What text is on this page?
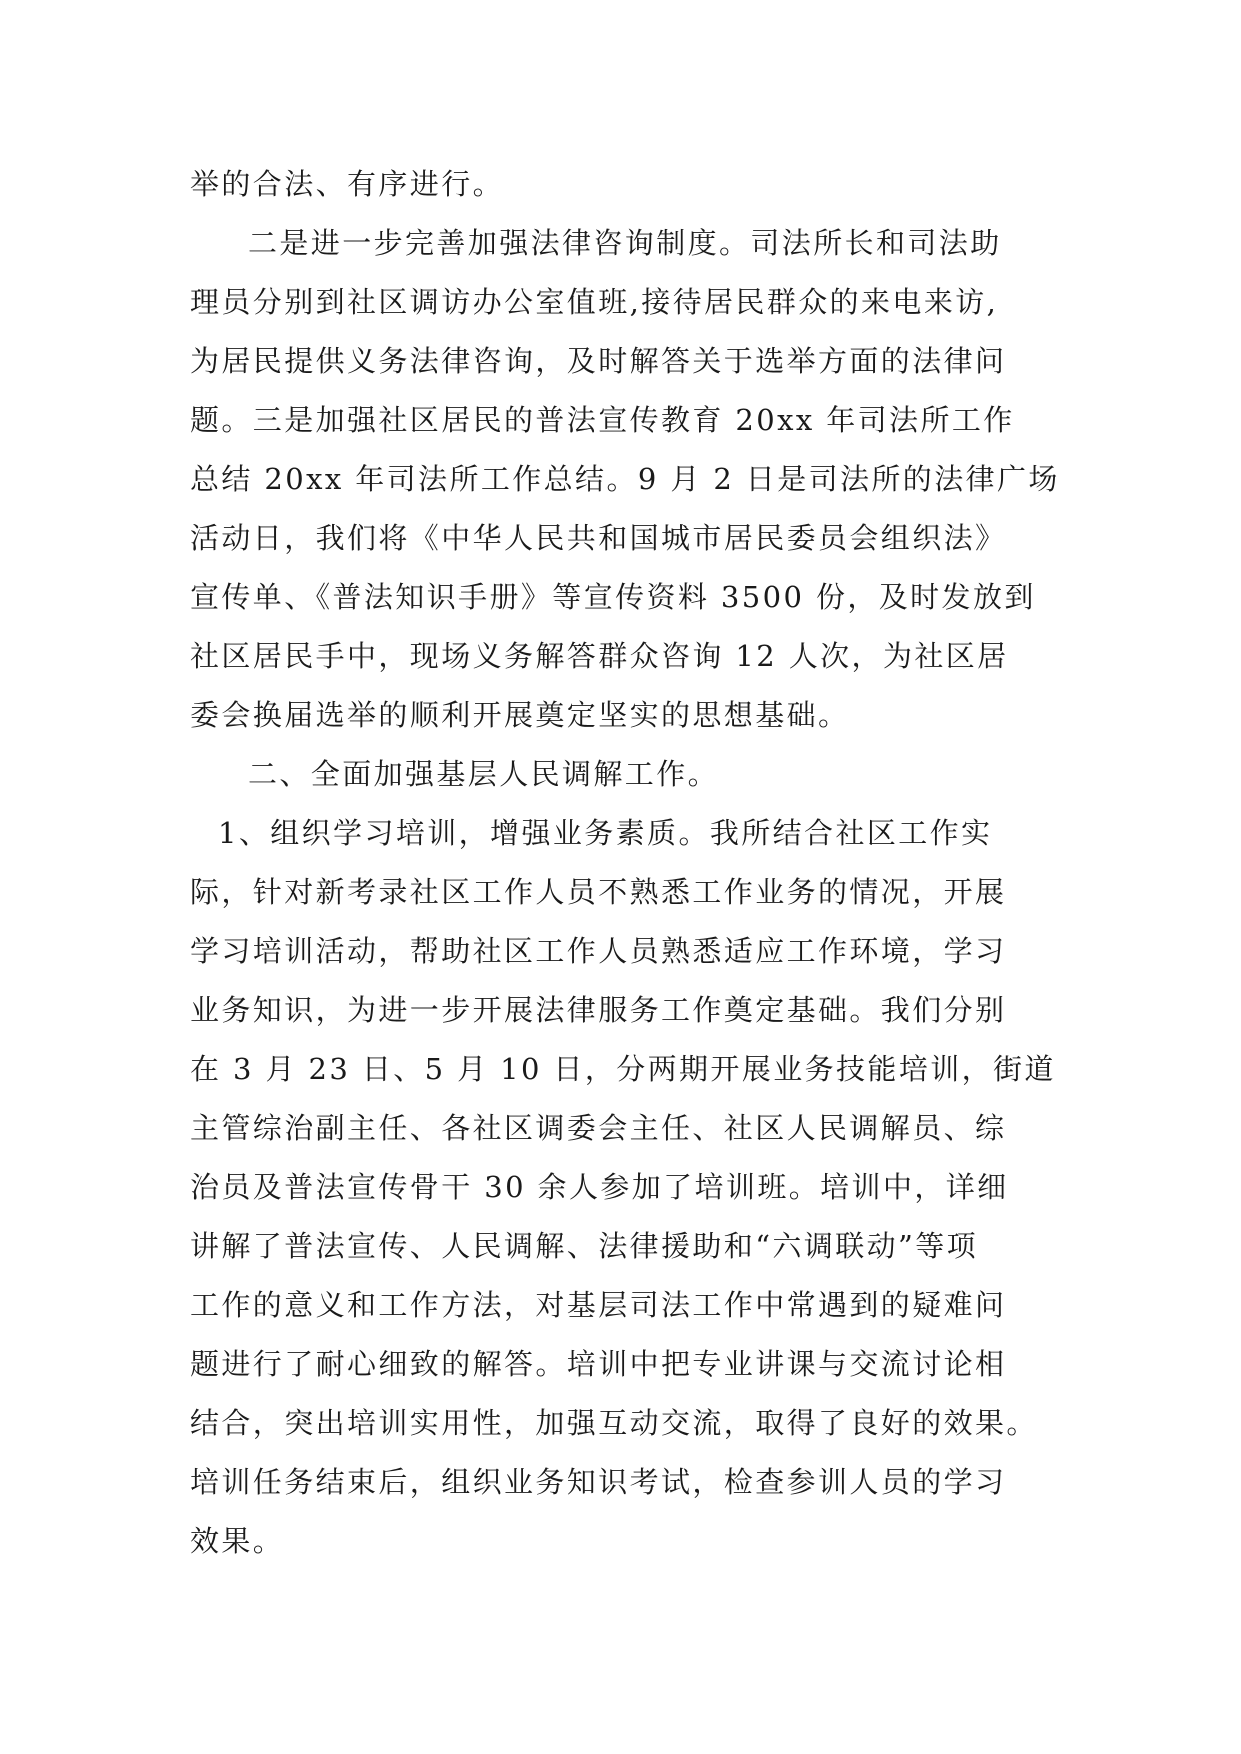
举的合法、有序进行。
二是进一步完善加强法律咨询制度。司法所长和司法助
理员分别到社区调访办公室值班,接待居民群众的来电来访,
为居民提供义务法律咨询，及时解答关于选举方面的法律问
题。三是加强社区居民的普法宣传教育 20xx 年司法所工作
总结 20xx 年司法所工作总结。9 月 2 日是司法所的法律广场
活动日，我们将《中华人民共和国城市居民委员会组织法》
宣传单、《普法知识手册》等宣传资料 3500 份，及时发放到
社区居民手中，现场义务解答群众咨询 12 人次，为社区居
委会换届选举的顺利开展奠定坚实的思想基础。
二、全面加强基层人民调解工作。
1、组织学习培训，增强业务素质。我所结合社区工作实
际，针对新考录社区工作人员不熟悉工作业务的情况，开展
学习培训活动，帮助社区工作人员熟悉适应工作环境，学习
业务知识，为进一步开展法律服务工作奠定基础。我们分别
在 3 月 23 日、5 月 10 日，分两期开展业务技能培训，街道
主管综治副主任、各社区调委会主任、社区人民调解员、综
治员及普法宣传骨干 30 余人参加了培训班。培训中，详细
讲解了普法宣传、人民调解、法律援助和“六调联动”等项
工作的意义和工作方法，对基层司法工作中常遇到的疑难问
题进行了耐心细致的解答。培训中把专业讲课与交流讨论相
结合，突出培训实用性，加强互动交流，取得了良好的效果。
培训任务结束后，组织业务知识考试，检查参训人员的学习
效果。
